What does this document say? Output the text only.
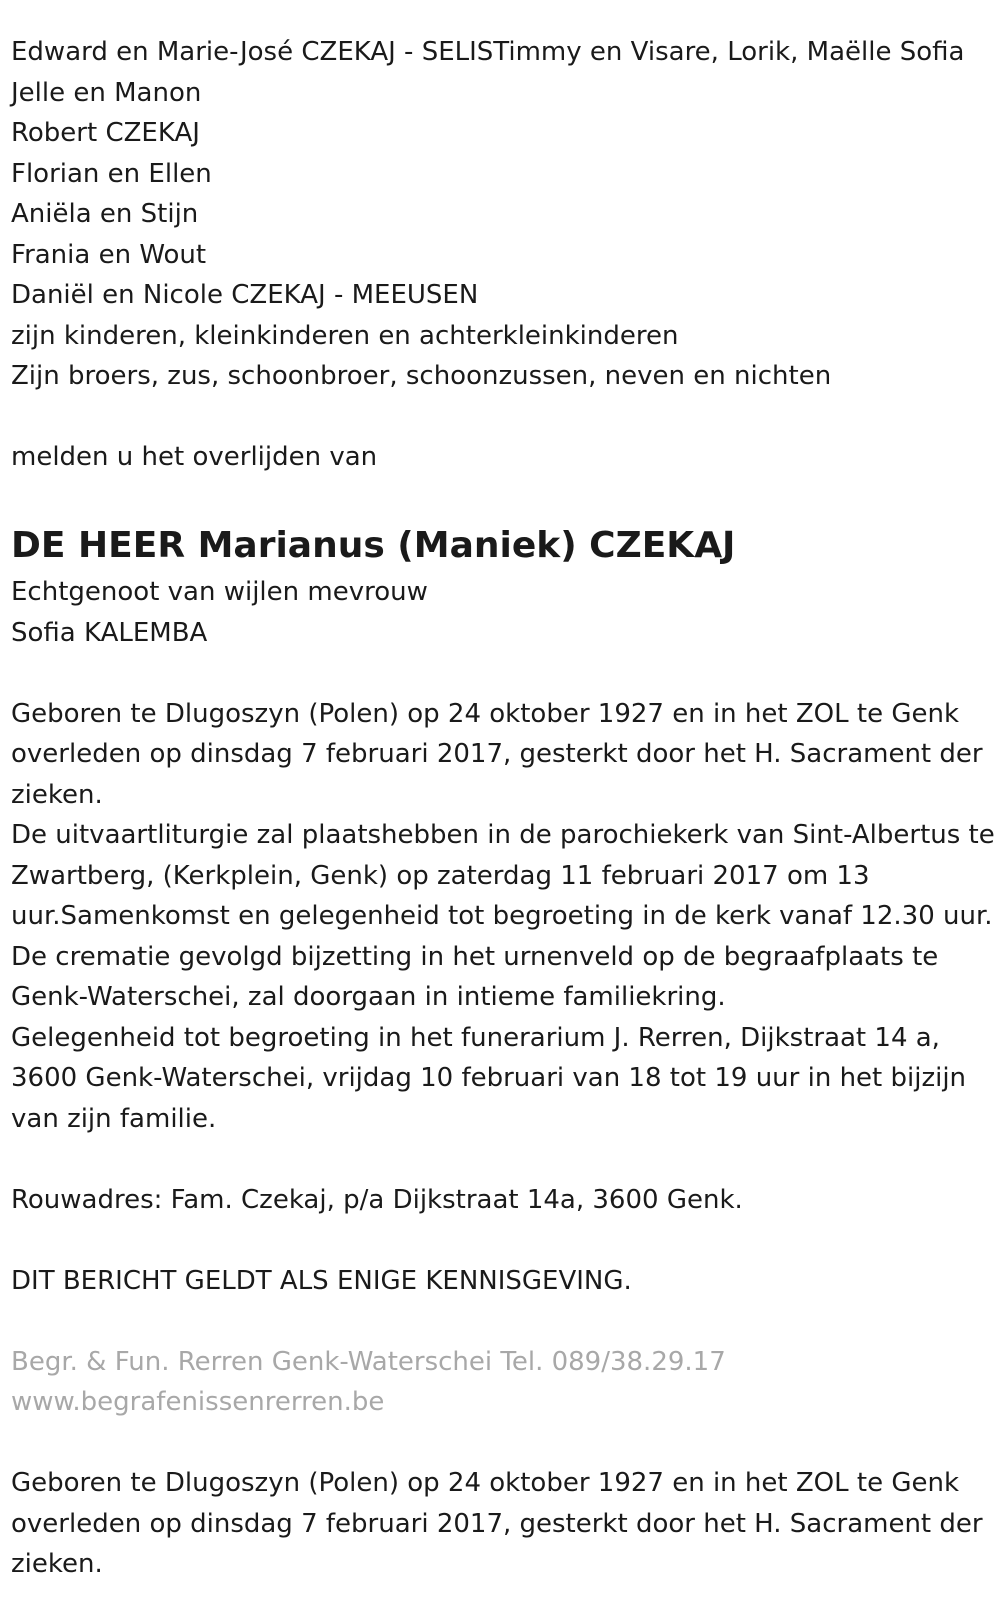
Edward en Marie-José CZEKAJ - SELISTimmy en Visare, Lorik, Maëlle Sofia
Jelle en Manon
Robert CZEKAJ
Florian en Ellen
Aniëla en Stijn
Frania en Wout
Daniël en Nicole CZEKAJ - MEEUSEN
zijn kinderen, kleinkinderen en achterkleinkinderen
Zijn broers, zus, schoonbroer, schoonzussen, neven en nichten
melden u het overlijden van
DE HEER Marianus (Maniek) CZEKAJ
Echtgenoot van wijlen mevrouw
Sofia KALEMBA
Geboren te Dlugoszyn (Polen) op 24 oktober 1927 en in het ZOL te Genk overleden op dinsdag 7 februari 2017, gesterkt door het H. Sacrament der zieken.
De uitvaartliturgie zal plaatshebben in de parochiekerk van Sint-Albertus te Zwartberg, (Kerkplein, Genk) op zaterdag 11 februari 2017 om 13 uur.Samenkomst en gelegenheid tot begroeting in de kerk vanaf 12.30 uur.
De crematie gevolgd bijzetting in het urnenveld op de begraafplaats te Genk-Waterschei, zal doorgaan in intieme familiekring.
Gelegenheid tot begroeting in het funerarium J. Rerren, Dijkstraat 14 a, 3600 Genk-Waterschei, vrijdag 10 februari van 18 tot 19 uur in het bijzijn van zijn familie.
Rouwadres: Fam. Czekaj, p/a Dijkstraat 14a, 3600 Genk.
DIT BERICHT GELDT ALS ENIGE KENNISGEVING.
Begr. & Fun. Rerren Genk-Waterschei Tel. 089/38.29.17
www.begrafenissenrerren.be
Geboren te Dlugoszyn (Polen) op 24 oktober 1927 en in het ZOL te Genk overleden op dinsdag 7 februari 2017, gesterkt door het H. Sacrament der zieken.
